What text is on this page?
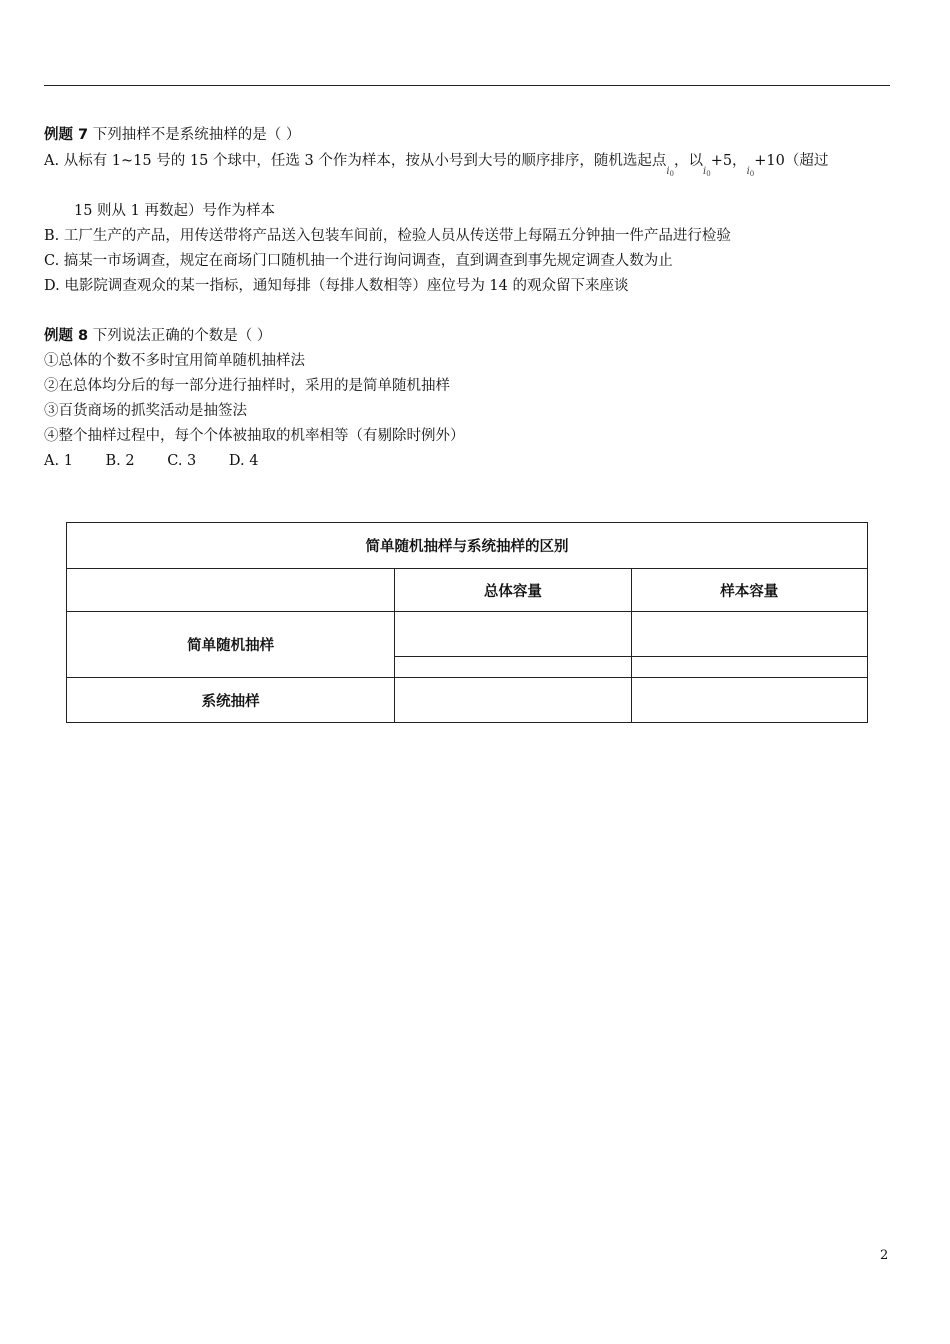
例题 7 下列抽样不是系统抽样的是（ ）
A. 从标有 1~15 号的 15 个球中，任选 3 个作为样本，按从小号到大号的顺序排序，随机选起点$_{i0}$，以$_{i0}$+5，$_{i0}$+10（超过
15 则从 1 再数起）号作为样本
B. 工厂生产的产品，用传送带将产品送入包装车间前，检验人员从传送带上每隔五分钟抽一件产品进行检验
C. 搞某一市场调查，规定在商场门口随机抽一个进行询问调查，直到调查到事先规定调查人数为止
D. 电影院调查观众的某一指标，通知每排（每排人数相等）座位号为 14 的观众留下来座谈
例题 8 下列说法正确的个数是（ ）
①总体的个数不多时宜用简单随机抽样法
②在总体均分后的每一部分进行抽样时，采用的是简单随机抽样
③百货商场的抓奖活动是抽签法
④整个抽样过程中，每个个体被抽取的机率相等（有剔除时例外）
A. 1 B. 2 C. 3 D. 4
简单随机抽样与系统抽样的区别		
	总体容量	样本容量
简单随机抽样		

系统抽样		
2
